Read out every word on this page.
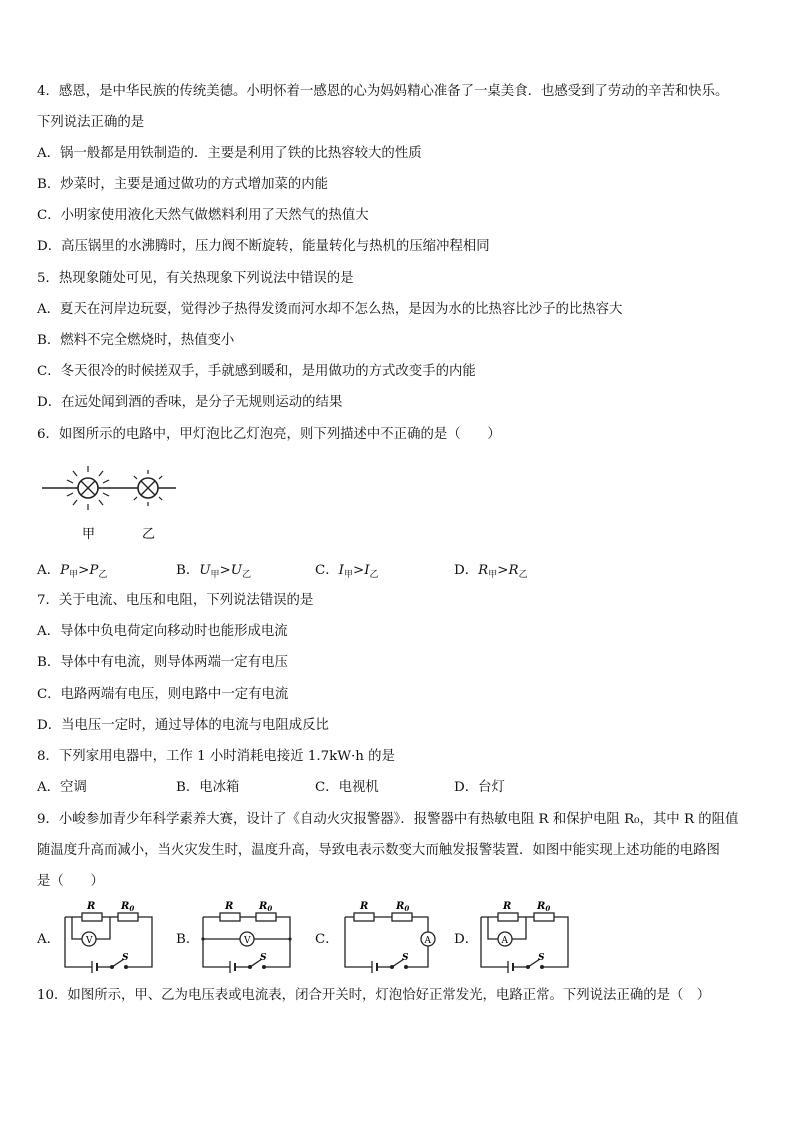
4．感恩，是中华民族的传统美德。小明怀着一感恩的心为妈妈精心准备了一桌美食．也感受到了劳动的辛苦和快乐。
下列说法正确的是
A．锅一般都是用铁制造的．主要是利用了铁的比热容较大的性质
B．炒菜时，主要是通过做功的方式增加菜的内能
C．小明家使用液化天然气做燃料利用了天然气的热值大
D．高压锅里的水沸腾时，压力阀不断旋转，能量转化与热机的压缩冲程相同
5．热现象随处可见，有关热现象下列说法中错误的是
A．夏天在河岸边玩耍，觉得沙子热得发烫而河水却不怎么热，是因为水的比热容比沙子的比热容大
B．燃料不完全燃烧时，热值变小
C．冬天很冷的时候搓双手，手就感到暖和，是用做功的方式改变手的内能
D．在远处闻到酒的香味，是分子无规则运动的结果
6．如图所示的电路中，甲灯泡比乙灯泡亮，则下列描述中不正确的是（　　）
甲	乙
A．$P_甲>P_乙$	B．$U_甲>U_乙$	C．$I_甲>I_乙$	D．$R_甲>R_乙$
7．关于电流、电压和电阻，下列说法错误的是
A．导体中负电荷定向移动时也能形成电流
B．导体中有电流，则导体两端一定有电压
C．电路两端有电压，则电路中一定有电流
D．当电压一定时，通过导体的电流与电阻成反比
8．下列家用电器中，工作 1 小时消耗电接近 1.7kW·h 的是
A．空调	B．电冰箱	C．电视机	D．台灯
9．小峻参加青少年科学素养大赛，设计了《自动火灾报警器》．报警器中有热敏电阻 R 和保护电阻 R₀，其中 R 的阻值
随温度升高而减小，当火灾发生时，温度升高，导致电表示数变大而触发报警装置．如图中能实现上述功能的电路图
是（　　）
A．
R	$R_0$
V
S
B．
R	$R_0$
V
S
C．
R	$R_0$
A
S
D．
R	$R_0$
A
S
10．如图所示，甲、乙为电压表或电流表，闭合开关时，灯泡恰好正常发光，电路正常。下列说法正确的是（　）
